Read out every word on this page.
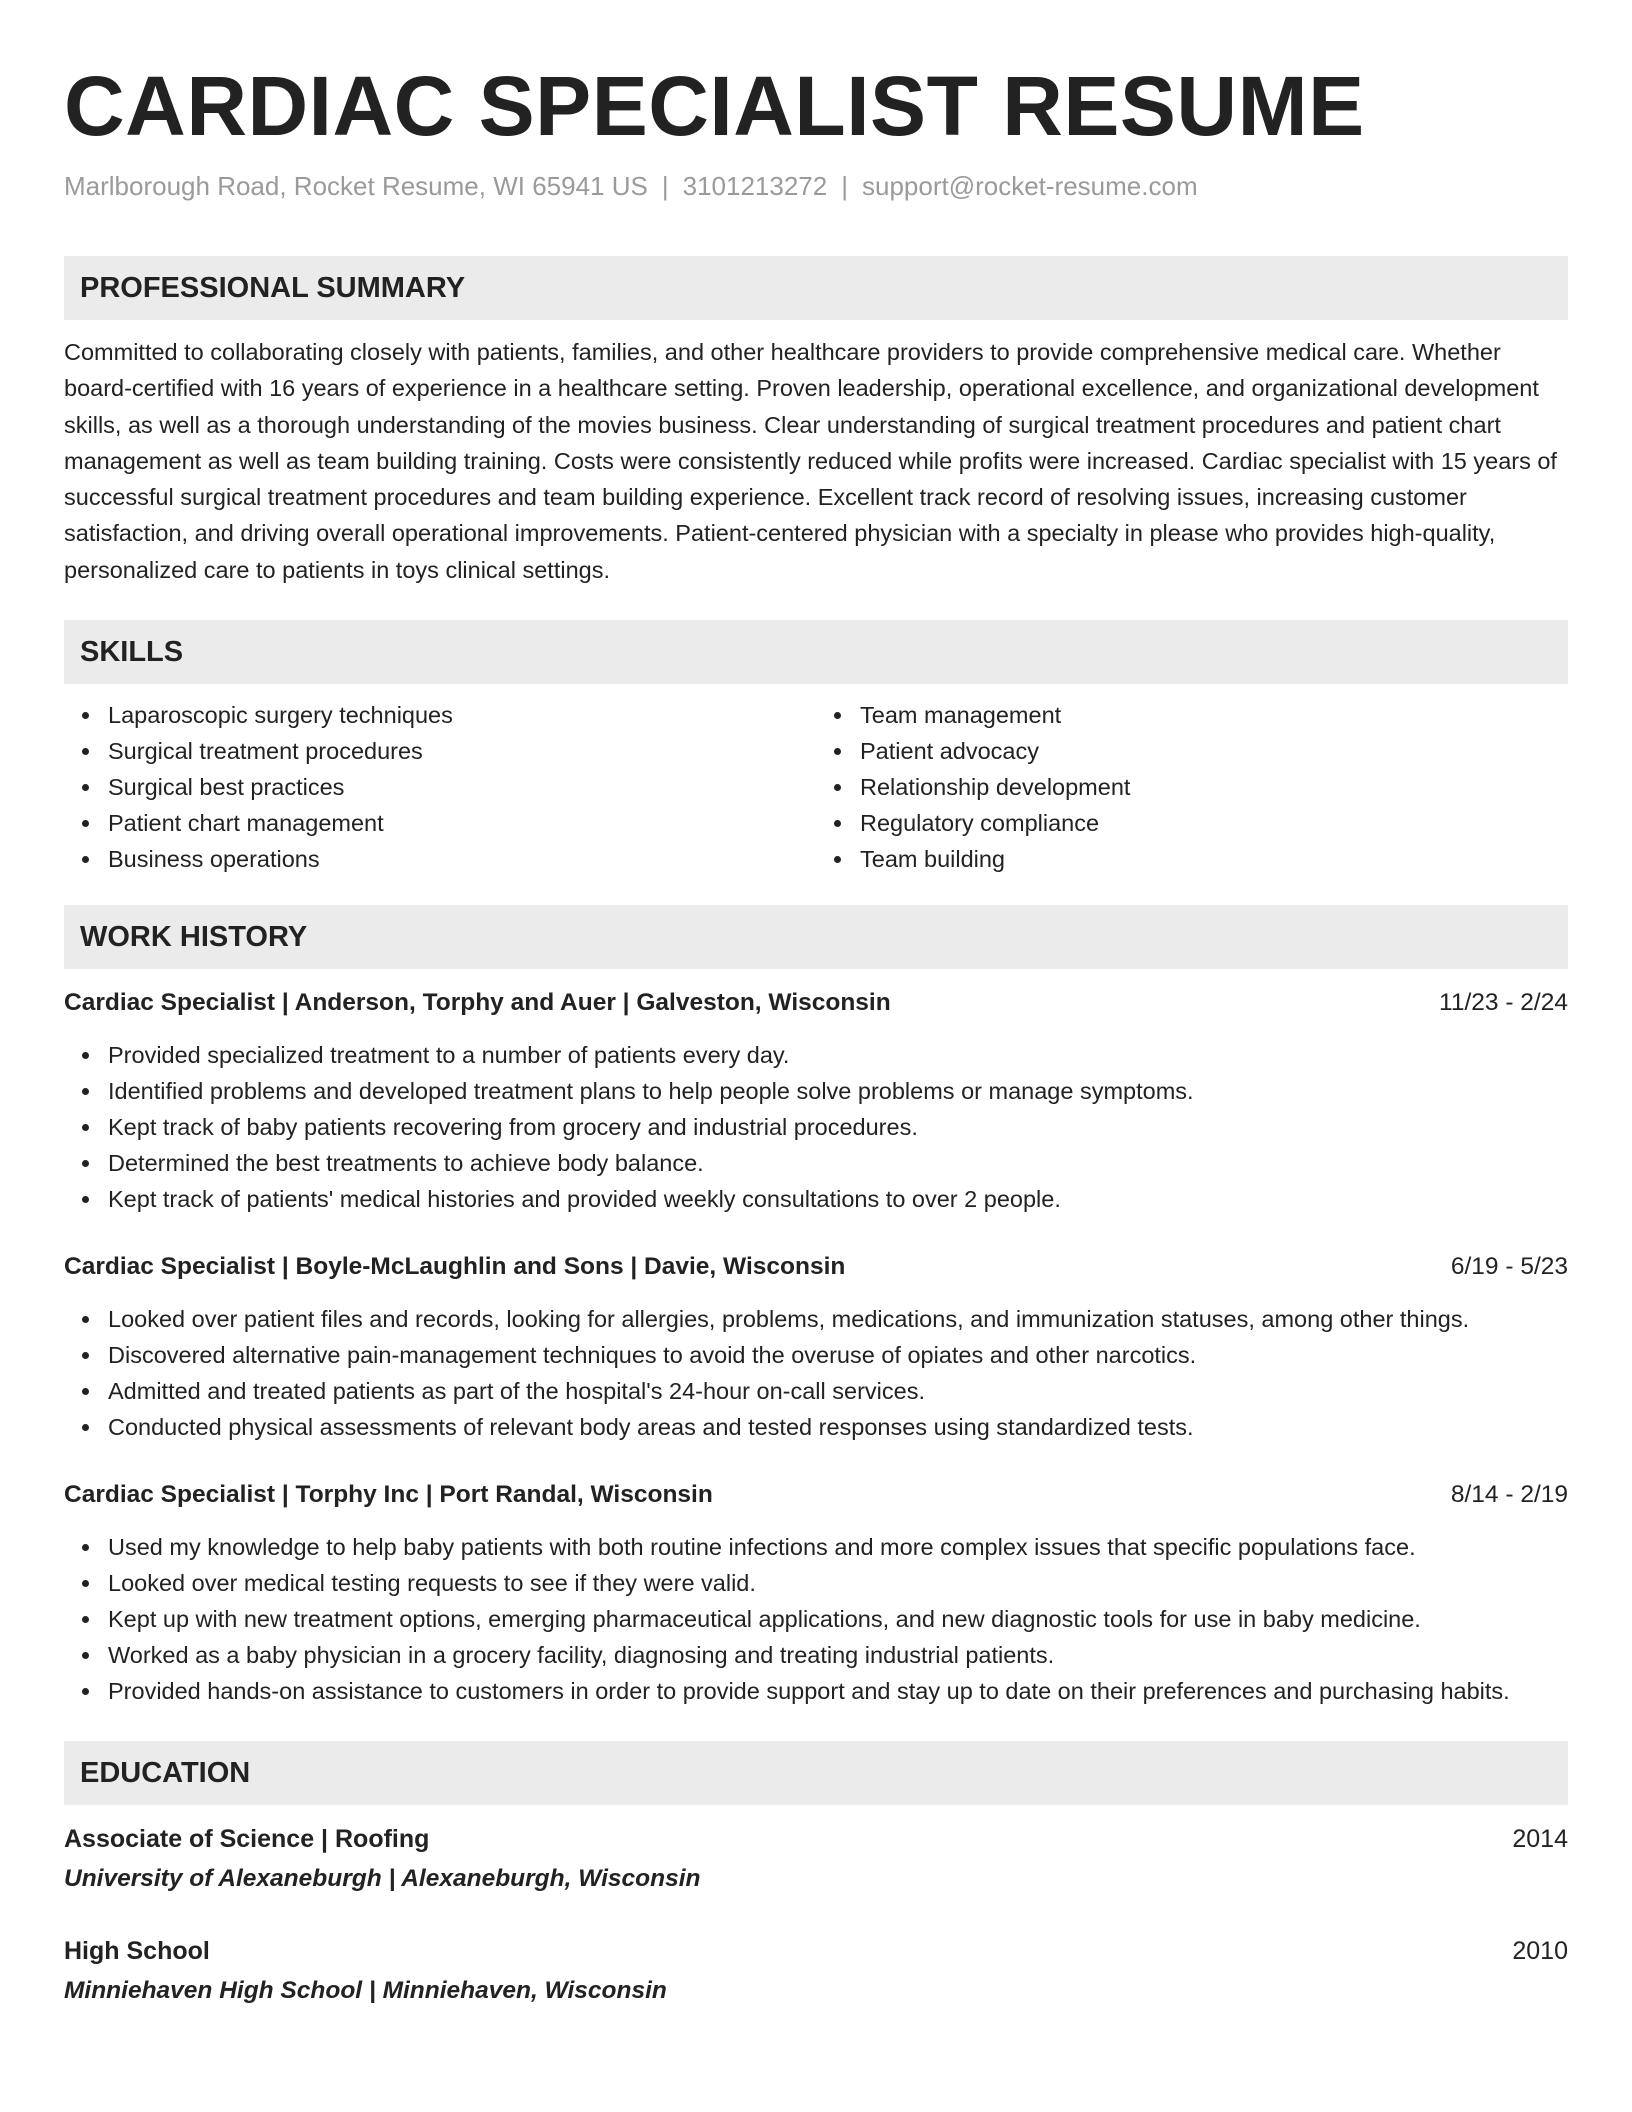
CARDIAC SPECIALIST RESUME
Marlborough Road, Rocket Resume, WI 65941 US | 3101213272 | support@rocket-resume.com
PROFESSIONAL SUMMARY

Committed to collaborating closely with patients, families, and other healthcare providers to provide comprehensive medical care. Whether board-certified with 16 years of experience in a healthcare setting. Proven leadership, operational excellence, and organizational development skills, as well as a thorough understanding of the movies business. Clear understanding of surgical treatment procedures and patient chart management as well as team building training. Costs were consistently reduced while profits were increased. Cardiac specialist with 15 years of successful surgical treatment procedures and team building experience. Excellent track record of resolving issues, increasing customer satisfaction, and driving overall operational improvements. Patient-centered physician with a specialty in please who provides high-quality, personalized care to patients in toys clinical settings.

SKILLS
Laparoscopic surgery techniques
Surgical treatment procedures
Surgical best practices
Patient chart management
Business operations
Team management
Patient advocacy
Relationship development
Regulatory compliance
Team building
WORK HISTORY
Cardiac Specialist | Anderson, Torphy and Auer | Galveston, Wisconsin	11/23 - 2/24
Provided specialized treatment to a number of patients every day.
Identified problems and developed treatment plans to help people solve problems or manage symptoms.
Kept track of baby patients recovering from grocery and industrial procedures.
Determined the best treatments to achieve body balance.
Kept track of patients' medical histories and provided weekly consultations to over 2 people.
Cardiac Specialist | Boyle-McLaughlin and Sons | Davie, Wisconsin	6/19 - 5/23
Looked over patient files and records, looking for allergies, problems, medications, and immunization statuses, among other things.
Discovered alternative pain-management techniques to avoid the overuse of opiates and other narcotics.
Admitted and treated patients as part of the hospital's 24-hour on-call services.
Conducted physical assessments of relevant body areas and tested responses using standardized tests.
Cardiac Specialist | Torphy Inc | Port Randal, Wisconsin	8/14 - 2/19
Used my knowledge to help baby patients with both routine infections and more complex issues that specific populations face.
Looked over medical testing requests to see if they were valid.
Kept up with new treatment options, emerging pharmaceutical applications, and new diagnostic tools for use in baby medicine.
Worked as a baby physician in a grocery facility, diagnosing and treating industrial patients.
Provided hands-on assistance to customers in order to provide support and stay up to date on their preferences and purchasing habits.
EDUCATION
Associate of Science | Roofing	2014
University of Alexaneburgh | Alexaneburgh, Wisconsin
High School	2010
Minniehaven High School | Minniehaven, Wisconsin
